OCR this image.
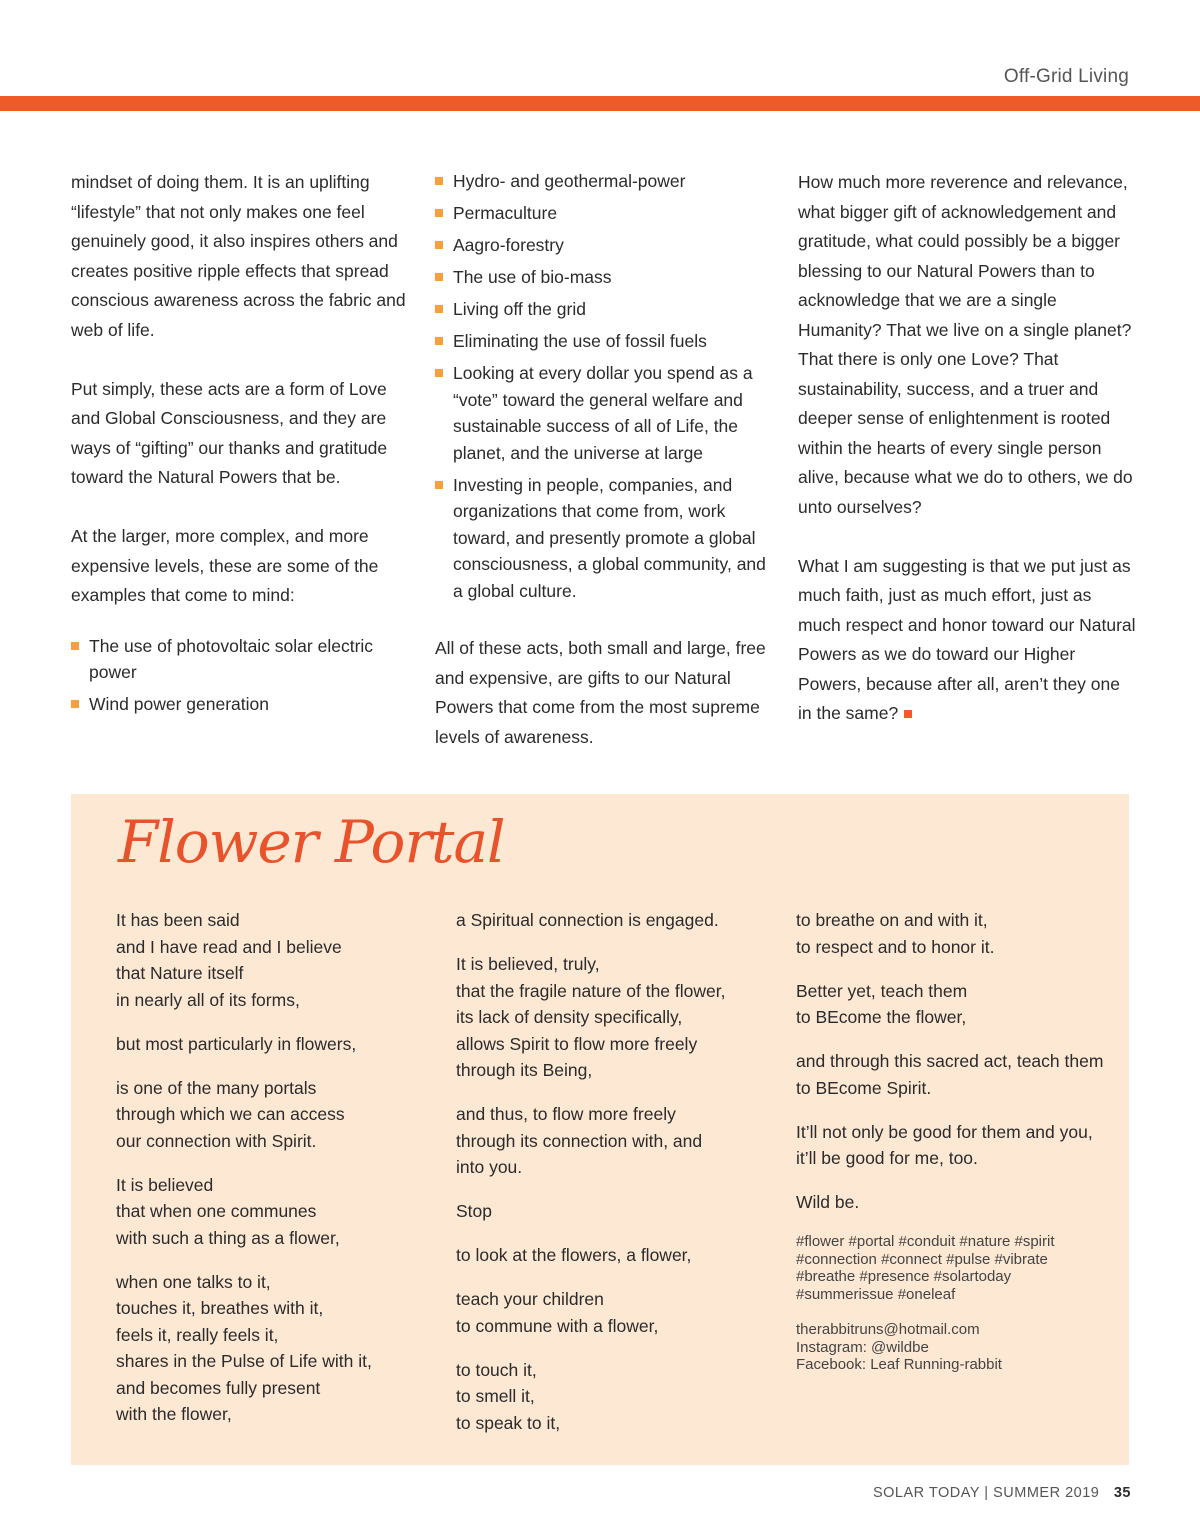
Off-Grid Living

mindset of doing them. It is an uplifting “lifestyle” that not only makes one feel genuinely good, it also inspires others and creates positive ripple effects that spread conscious awareness across the fabric and web of life.

Put simply, these acts are a form of Love and Global Consciousness, and they are ways of “gifting” our thanks and gratitude toward the Natural Powers that be.

At the larger, more complex, and more expensive levels, these are some of the examples that come to mind:

The use of photovoltaic solar electric power
Wind power generation
Hydro- and geothermal-power
Permaculture
Aagro-forestry
The use of bio-mass
Living off the grid
Eliminating the use of fossil fuels
Looking at every dollar you spend as a “vote” toward the general welfare and sustainable success of all of Life, the planet, and the universe at large
Investing in people, companies, and organizations that come from, work toward, and presently promote a global consciousness, a global community, and a global culture.

All of these acts, both small and large, free and expensive, are gifts to our Natural Powers that come from the most supreme levels of awareness.

How much more reverence and relevance, what bigger gift of acknowledgement and gratitude, what could possibly be a bigger blessing to our Natural Powers than to acknowledge that we are a single Humanity? That we live on a single planet? That there is only one Love? That sustainability, success, and a truer and deeper sense of enlightenment is rooted within the hearts of every single person alive, because what we do to others, we do unto ourselves?

What I am suggesting is that we put just as much faith, just as much effort, just as much respect and honor toward our Natural Powers as we do toward our Higher Powers, because after all, aren’t they one in the same?

Flower Portal
It has been said
and I have read and I believe
that Nature itself
in nearly all of its forms,
but most particularly in flowers,
is one of the many portals
through which we can access
our connection with Spirit.
It is believed
that when one communes
with such a thing as a flower,
when one talks to it,
touches it, breathes with it,
feels it, really feels it,
shares in the Pulse of Life with it,
and becomes fully present
with the flower,
a Spiritual connection is engaged.
It is believed, truly,
that the fragile nature of the flower,
its lack of density specifically,
allows Spirit to flow more freely
through its Being,
and thus, to flow more freely
through its connection with, and
into you.
Stop
to look at the flowers, a flower,
teach your children
to commune with a flower,
to touch it,
to smell it,
to speak to it,
to breathe on and with it,
to respect and to honor it.
Better yet, teach them
to BEcome the flower,
and through this sacred act, teach them
to BEcome Spirit.
It’ll not only be good for them and you,
it’ll be good for me, too.
Wild be.
#flower #portal #conduit #nature #spirit #connection #connect #pulse #vibrate #breathe #presence #solartoday #summerissue #oneleaf
therabbitruns@hotmail.com
Instagram: @wildbe
Facebook: Leaf Running-rabbit
SOLAR TODAY | SUMMER 2019 35
